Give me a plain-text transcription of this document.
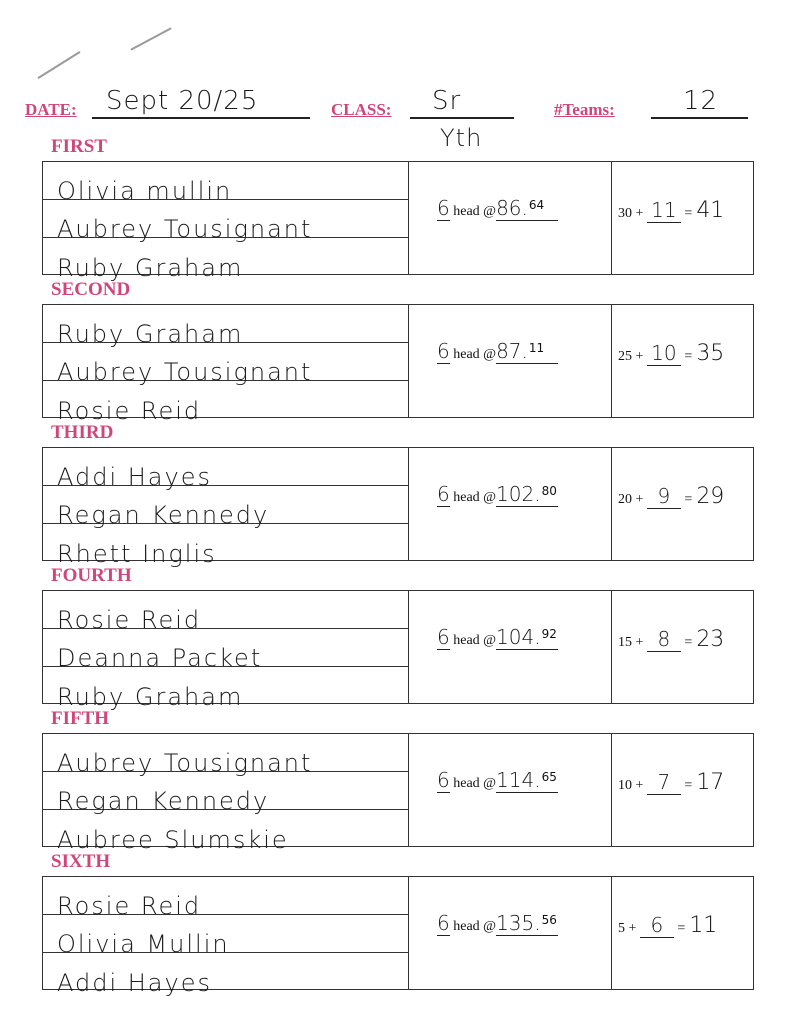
DATE: Sept 20/25	CLASS: Sr
Yth
#Teams:	12
FIRST
Olivia mullin
Aubrey Tousignant
Ruby Graham
6 head @86.64
30 + 11 = 41
SECOND
Ruby Graham
Aubrey Tousignant
Rosie Reid
6 head @87.11
25 + 10 = 35
THIRD
Addi Hayes
Regan Kennedy
Rhett Inglis
6 head @102.80
20 + 9 = 29
FOURTH
Rosie Reid
Deanna Packet
Ruby Graham
6 head @104.92
15 + 8 = 23
FIFTH
Aubrey Tousignant
Regan Kennedy
Aubree Slumskie
6 head @114.65
10 + 7 = 17
SIXTH
Rosie Reid
Olivia Mullin
Addi Hayes
6 head @135.56
5 + 6 = 11
